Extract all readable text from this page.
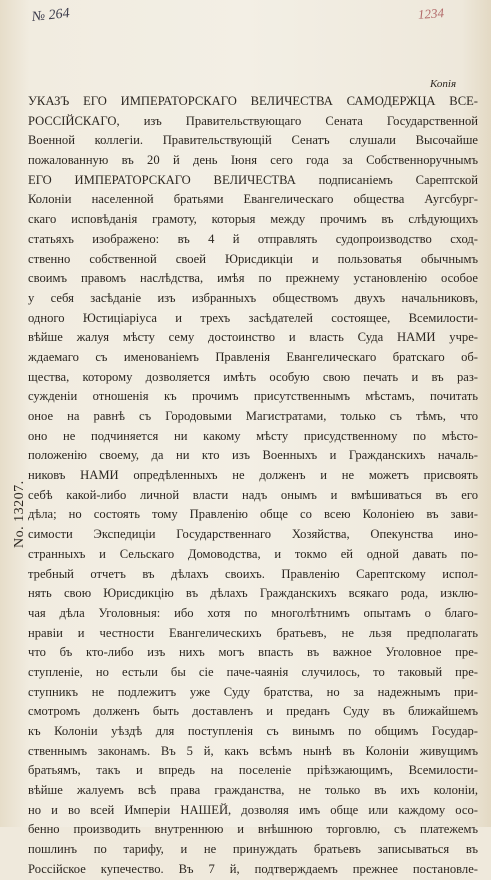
№ 264	1234
Копія
No. 13207.
УКАЗЪ ЕГО ИМПЕРАТОРСКАГО ВЕЛИЧЕСТВА САМОДЕРЖЦА ВСЕ-
РОССІЙСКАГО, изъ Правительствующаго Сената Государственной
Военной коллегіи. Правительствующій Сенатъ слушали Высочайше
пожалованную въ 20 й день Іюня сего года за Собственноручнымъ
ЕГО ИМПЕРАТОРСКАГО ВЕЛИЧЕСТВА подписаніемъ Сарептской
Колоніи населенной братьями Евангелическаго общества Аугсбург-
скаго исповѣданія грамоту, которыя между прочимъ въ слѣдующихъ
статьяхъ изображено: въ 4 й отправлять судопроизводство сход-
ственно собственной своей Юрисдикціи и пользоватья обычнымъ
своимъ правомъ наслѣдства, имѣя по прежнему установленію особое
у себя засѣданіе изъ избранныхъ обществомъ двухъ начальниковъ,
одного Юстиціаріуса и трехъ засѣдателей состоящее, Всемилости-
вѣйше жалуя мѣсту сему достоинство и власть Суда НАМИ учре-
ждаемаго съ именованіемъ Правленія Евангелическаго братскаго об-
щества, которому дозволяется имѣть особую свою печать и въ раз-
сужденіи отношенія къ прочимъ присутственнымъ мѣстамъ, почитать
оное на равнѣ съ Городовыми Магистратами, только съ тѣмъ, что
оно не подчиняется ни какому мѣсту присудственному по мѣсто-
положенію своему, да ни кто изъ Военныхъ и Гражданскихъ началь-
никовъ НАМИ опредѣленныхъ не долженъ и не можетъ присвоять
себѣ какой-либо личной власти надъ онымъ и вмѣшиваться въ его
дѣла; но состоять тому Правленію обще со всею Колоніею въ зави-
симости Экспедиціи Государственнаго Хозяйства, Опекунства ино-
странныхъ и Сельскаго Домоводства, и токмо ей одной давать по-
требный отчетъ въ дѣлахъ своихъ. Правленію Сарептскому испол-
нять свою Юрисдикцію въ дѣлахъ Гражданскихъ всякаго рода, изклю-
чая дѣла Уголовныя: ибо хотя по многолѣтнимъ опытамъ о благо-
нравіи и честности Евангелическихъ братьевъ, не льзя предполагать
что бъ кто-либо изъ нихъ могъ впасть въ важное Уголовное пре-
ступленіе, но естьли бы сіе паче-чаянія случилось, то таковый пре-
ступникъ не подлежитъ уже Суду братства, но за надежнымъ при-
смотромъ долженъ быть доставленъ и преданъ Суду въ ближайшемъ
къ Колоніи уѣздѣ для поступленія съ винымъ по общимъ Государ-
ственнымъ законамъ. Въ 5 й, какъ всѣмъ нынѣ въ Колоніи живущимъ
братьямъ, такъ и впредь на поселеніе пріѣзжающимъ, Всемилости-
вѣйше жалуемъ всѣ права гражданства, не только въ ихъ колоніи,
но и во всей Имперіи НАШЕЙ, дозволяя имъ обще или каждому осо-
бенно производить внутреннюю и внѣшнюю торговлю, съ платежемъ
пошлинъ по тарифу, и не принуждать братьевъ записываться въ
Россійское купечество. Въ 7 й, подтверждаемъ прежнее постановле-
